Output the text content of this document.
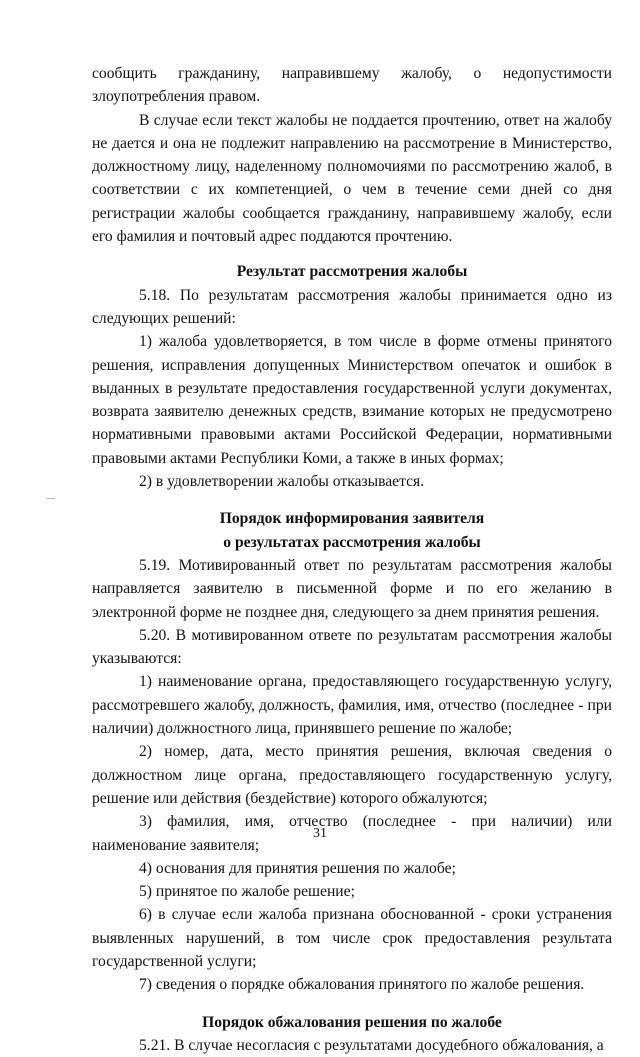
сообщить гражданину, направившему жалобу, о недопустимости злоупотребления правом.

В случае если текст жалобы не поддается прочтению, ответ на жалобу не дается и она не подлежит направлению на рассмотрение в Министерство, должностному лицу, наделенному полномочиями по рассмотрению жалоб, в соответствии с их компетенцией, о чем в течение семи дней со дня регистрации жалобы сообщается гражданину, направившему жалобу, если его фамилия и почтовый адрес поддаются прочтению.

Результат рассмотрения жалобы

5.18. По результатам рассмотрения жалобы принимается одно из следующих решений:

1) жалоба удовлетворяется, в том числе в форме отмены принятого решения, исправления допущенных Министерством опечаток и ошибок в выданных в результате предоставления государственной услуги документах, возврата заявителю денежных средств, взимание которых не предусмотрено нормативными правовыми актами Российской Федерации, нормативными правовыми актами Республики Коми, а также в иных формах;

2) в удовлетворении жалобы отказывается.

Порядок информирования заявителя

о результатах рассмотрения жалобы

5.19. Мотивированный ответ по результатам рассмотрения жалобы направляется заявителю в письменной форме и по его желанию в электронной форме не позднее дня, следующего за днем принятия решения.

5.20. В мотивированном ответе по результатам рассмотрения жалобы указываются:

1) наименование органа, предоставляющего государственную услугу, рассмотревшего жалобу, должность, фамилия, имя, отчество (последнее - при наличии) должностного лица, принявшего решение по жалобе;

2) номер, дата, место принятия решения, включая сведения о должностном лице органа, предоставляющего государственную услугу, решение или действия (бездействие) которого обжалуются;

3) фамилия, имя, отчество (последнее - при наличии) или наименование заявителя;

4) основания для принятия решения по жалобе;

5) принятое по жалобе решение;

6) в случае если жалоба признана обоснованной - сроки устранения выявленных нарушений, в том числе срок предоставления результата государственной услуги;

7) сведения о порядке обжалования принятого по жалобе решения.

Порядок обжалования решения по жалобе

5.21. В случае несогласия с результатами досудебного обжалования, а

31
